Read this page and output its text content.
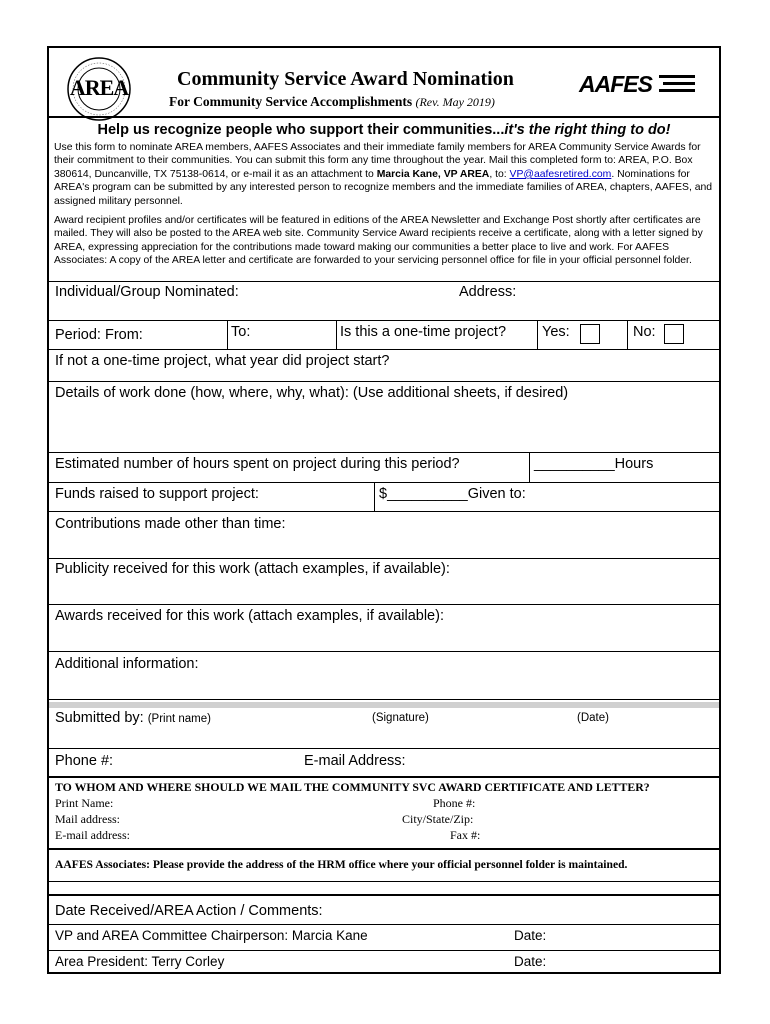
AREA Community Service Award Nomination
For Community Service Accomplishments (Rev. May 2019)
AAFES
Help us recognize people who support their communities...it's the right thing to do!
Use this form to nominate AREA members, AAFES Associates and their immediate family members for AREA Community Service Awards for their commitment to their communities. You can submit this form any time throughout the year. Mail this completed form to: AREA, P.O. Box 380614, Duncanville, TX 75138-0614, or e-mail it as an attachment to Marcia Kane, VP AREA, to: VP@aafesretired.com. Nominations for AREA's program can be submitted by any interested person to recognize members and the immediate families of AREA, chapters, AAFES, and assigned military personnel.
Award recipient profiles and/or certificates will be featured in editions of the AREA Newsletter and Exchange Post shortly after certificates are mailed. They will also be posted to the AREA web site. Community Service Award recipients receive a certificate, along with a letter signed by AREA, expressing appreciation for the contributions made toward making our communities a better place to live and work. For AAFES Associates: A copy of the AREA letter and certificate are forwarded to your servicing personnel office for file in your official personnel folder.
Individual/Group Nominated:	Address:
Period: From:	To:	Is this a one-time project? Yes:	No:
If not a one-time project, what year did project start?
Details of work done (how, where, why, what): (Use additional sheets, if desired)
Estimated number of hours spent on project during this period?	__________Hours
Funds raised to support project:	$__________Given to:
Contributions made other than time:
Publicity received for this work (attach examples, if available):
Awards received for this work (attach examples, if available):
Additional information:
Submitted by: (Print name)	(Signature)	(Date)
Phone #:	E-mail Address:
TO WHOM AND WHERE SHOULD WE MAIL THE COMMUNITY SVC AWARD CERTIFICATE AND LETTER?
Print Name:	Phone #:
Mail address:	City/State/Zip:
E-mail address:	Fax #:
AAFES Associates: Please provide the address of the HRM office where your official personnel folder is maintained.
Date Received/AREA Action / Comments:
VP and AREA Committee Chairperson: Marcia Kane	Date:
Area President: Terry Corley	Date:
